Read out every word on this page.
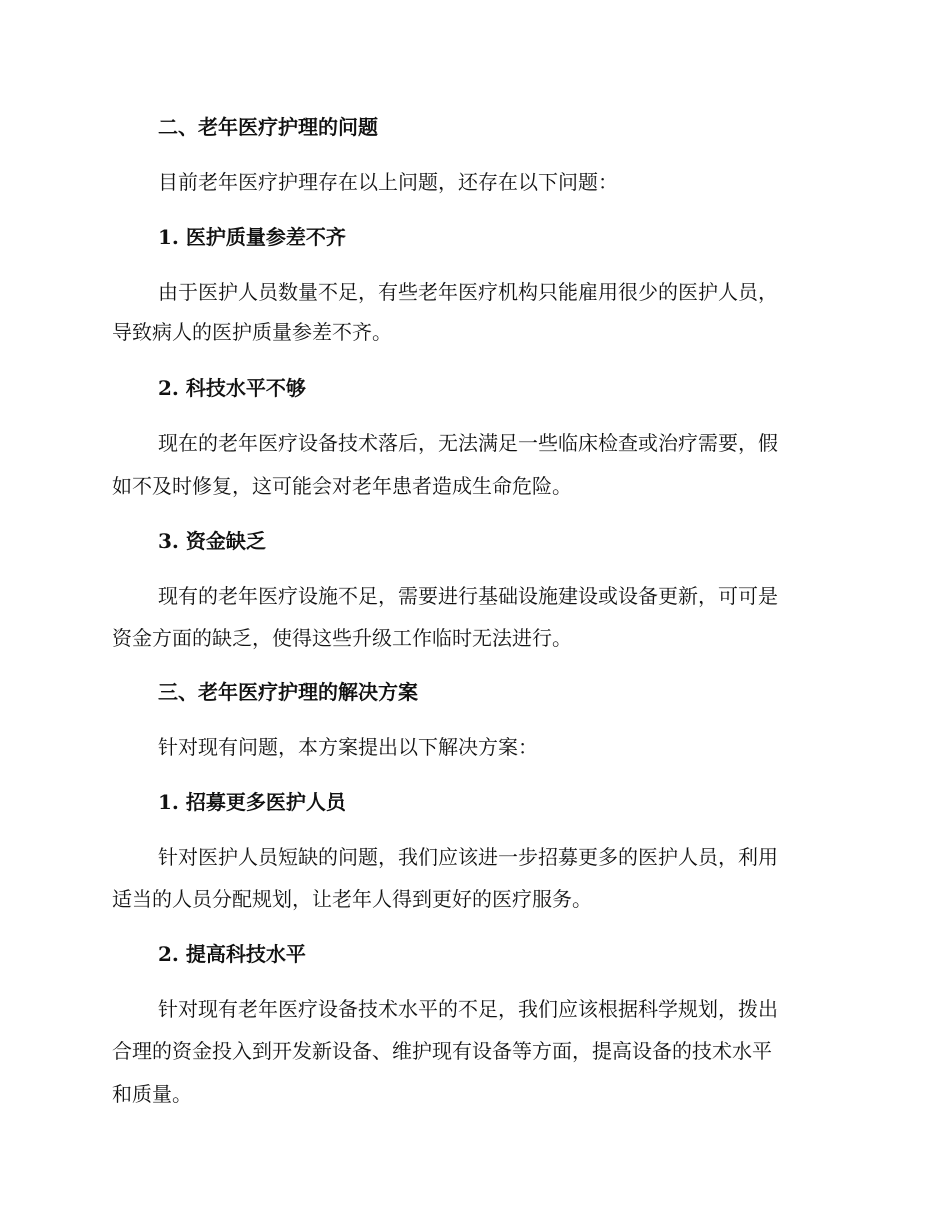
二、老年医疗护理的问题
目前老年医疗护理存在以上问题，还存在以下问题：
1. 医护质量参差不齐
由于医护人员数量不足，有些老年医疗机构只能雇用很少的医护人员，
导致病人的医护质量参差不齐。
2. 科技水平不够
现在的老年医疗设备技术落后，无法满足一些临床检查或治疗需要，假
如不及时修复，这可能会对老年患者造成生命危险。
3. 资金缺乏
现有的老年医疗设施不足，需要进行基础设施建设或设备更新，可可是
资金方面的缺乏，使得这些升级工作临时无法进行。
三、老年医疗护理的解决方案
针对现有问题，本方案提出以下解决方案：
1. 招募更多医护人员
针对医护人员短缺的问题，我们应该进一步招募更多的医护人员，利用
适当的人员分配规划，让老年人得到更好的医疗服务。
2. 提高科技水平
针对现有老年医疗设备技术水平的不足，我们应该根据科学规划，拨出
合理的资金投入到开发新设备、维护现有设备等方面，提高设备的技术水平
和质量。
